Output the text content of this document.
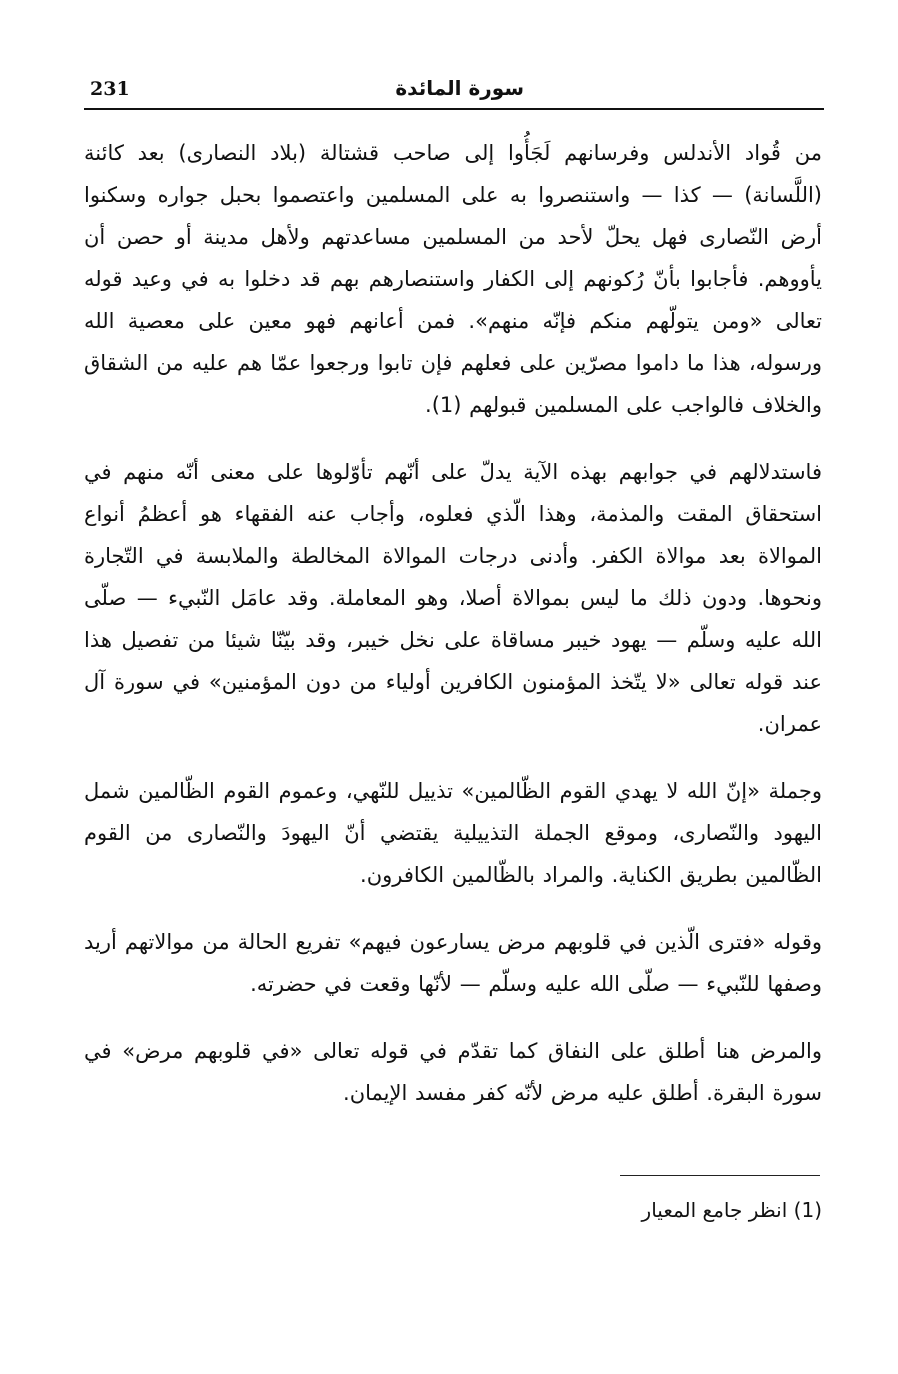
231	سورة المائدة

من قُواد الأندلس وفرسانهم لَجَأُوا إلى صاحب قشتالة (بلاد النصارى) بعد كائنة (اللَّسانة) — كذا — واستنصروا به على المسلمين واعتصموا بحبل جواره وسكنوا أرض النّصارى فهل يحلّ لأحد من المسلمين مساعدتهم ولأهل مدينة أو حصن أن يأووهم. فأجابوا بأنّ رُكونهم إلى الكفار واستنصارهم بهم قد دخلوا به في وعيد قوله تعالى «ومن يتولّهم منكم فإنّه منهم». فمن أعانهم فهو معين على معصية الله ورسوله، هذا ما داموا مصرّين على فعلهم فإن تابوا ورجعوا عمّا هم عليه من الشقاق والخلاف فالواجب على المسلمين قبولهم (1).

فاستدلالهم في جوابهم بهذه الآية يدلّ على أنّهم تأوّلوها على معنى أنّه منهم في استحقاق المقت والمذمة، وهذا الّذي فعلوه، وأجاب عنه الفقهاء هو أعظمُ أنواع الموالاة بعد موالاة الكفر. وأدنى درجات الموالاة المخالطة والملابسة في التّجارة ونحوها. ودون ذلك ما ليس بموالاة أصلا، وهو المعاملة. وقد عامَل النّبيء — صلّى الله عليه وسلّم — يهود خيبر مساقاة على نخل خيبر، وقد بيّنّا شيئا من تفصيل هذا عند قوله تعالى «لا يتّخذ المؤمنون الكافرين أولياء من دون المؤمنين» في سورة آل عمران.

وجملة «إنّ الله لا يهدي القوم الظّالمين» تذييل للنّهي، وعموم القوم الظّالمين شمل اليهود والنّصارى، وموقع الجملة التذييلية يقتضي أنّ اليهودَ والنّصارى من القوم الظّالمين بطريق الكناية. والمراد بالظّالمين الكافرون.

وقوله «فترى الّذين في قلوبهم مرض يسارعون فيهم» تفريع الحالة من موالاتهم أريد وصفها للنّبيء — صلّى الله عليه وسلّم — لأنّها وقعت في حضرته.

والمرض هنا أطلق على النفاق كما تقدّم في قوله تعالى «في قلوبهم مرض» في سورة البقرة. أطلق عليه مرض لأنّه كفر مفسد الإيمان.

(1) انظر جامع المعيار
